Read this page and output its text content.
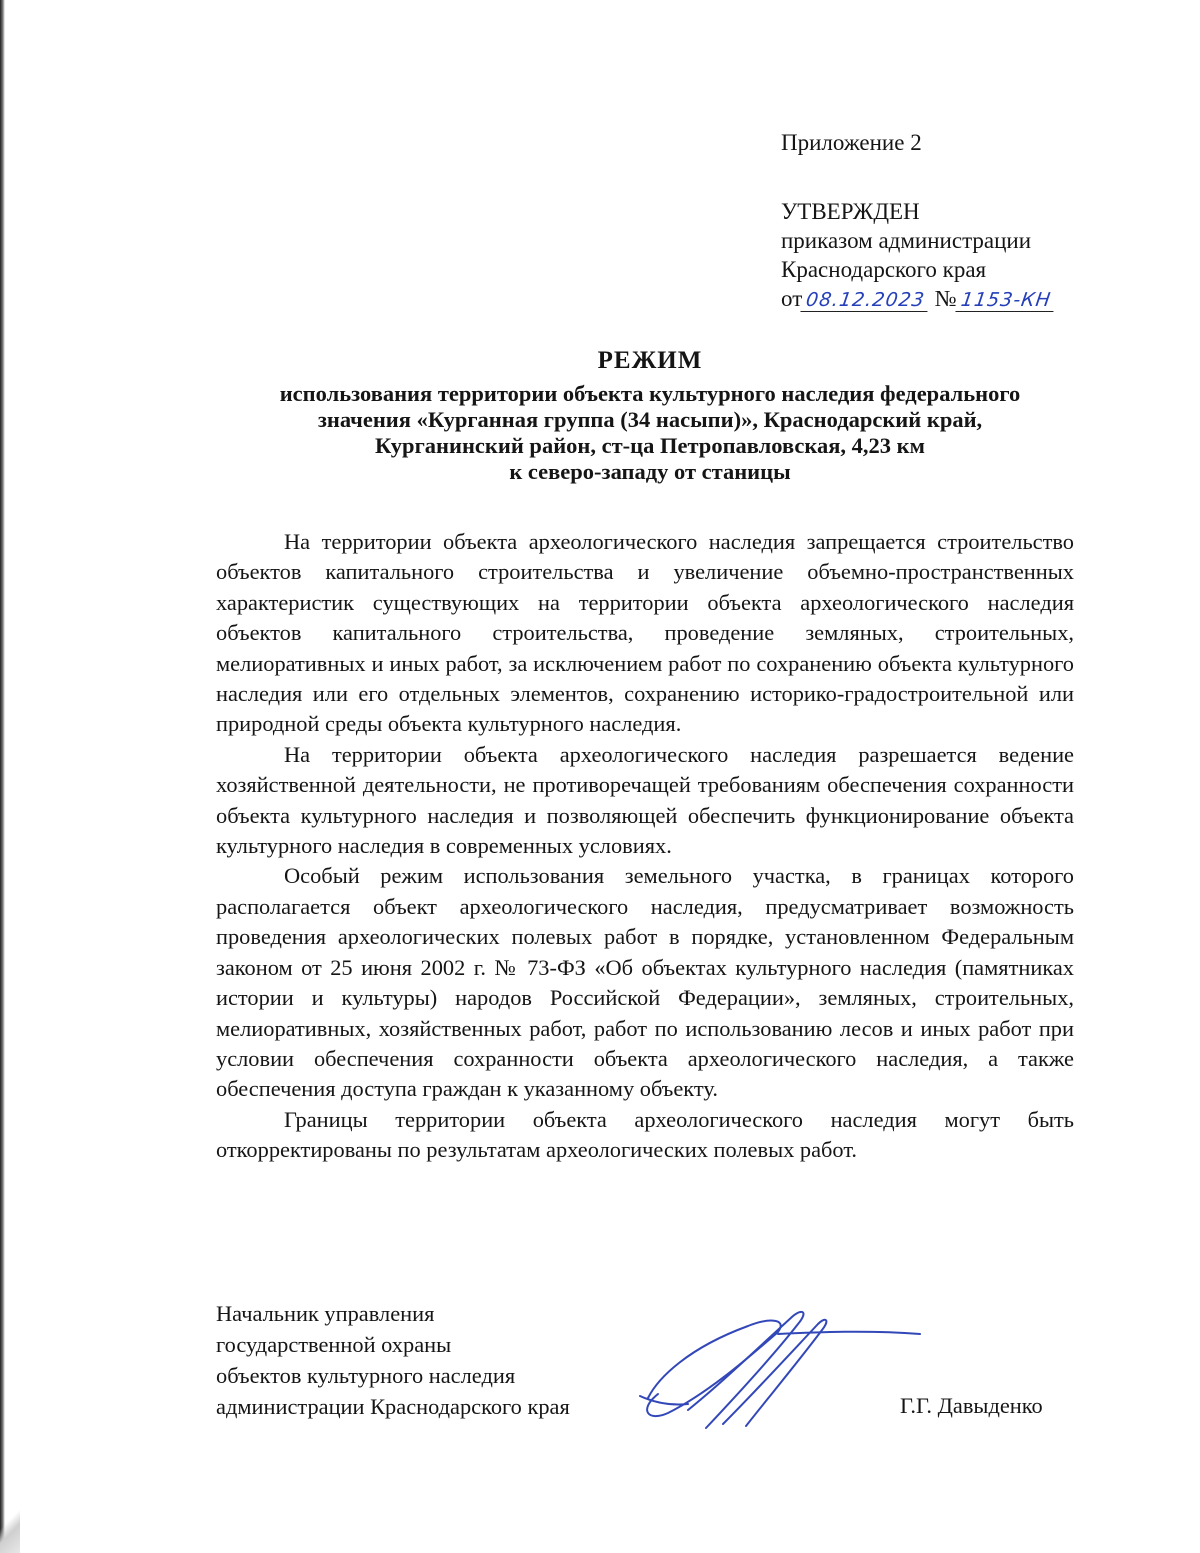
Приложение 2
УТВЕРЖДЕН
приказом администрации
Краснодарского края
от 08.12.2023 № 1153-КН
РЕЖИМ
использования территории объекта культурного наследия федерального
значения «Курганная группа (34 насыпи)», Краснодарский край,
Курганинский район, ст-ца Петропавловская, 4,23 км
к северо-западу от станицы

На территории объекта археологического наследия запрещается строительство объектов капитального строительства и увеличение объемно-пространственных характеристик существующих на территории объекта археологического наследия объектов капитального строительства, проведение земляных, строительных, мелиоративных и иных работ, за исключением работ по сохранению объекта культурного наследия или его отдельных элементов, сохранению историко-градостроительной или природной среды объекта культурного наследия.

На территории объекта археологического наследия разрешается ведение хозяйственной деятельности, не противоречащей требованиям обеспечения сохранности объекта культурного наследия и позволяющей обеспечить функционирование объекта культурного наследия в современных условиях.

Особый режим использования земельного участка, в границах которого располагается объект археологического наследия, предусматривает возможность проведения археологических полевых работ в порядке, установленном Федеральным законом от 25 июня 2002 г. № 73-ФЗ «Об объектах культурного наследия (памятниках истории и культуры) народов Российской Федерации», земляных, строительных, мелиоративных, хозяйственных работ, работ по использованию лесов и иных работ при условии обеспечения сохранности объекта археологического наследия, а также обеспечения доступа граждан к указанному объекту.

Границы территории объекта археологического наследия могут быть откорректированы по результатам археологических полевых работ.

Начальник управления
государственной охраны
объектов культурного наследия
администрации Краснодарского края	Г.Г. Давыденко
